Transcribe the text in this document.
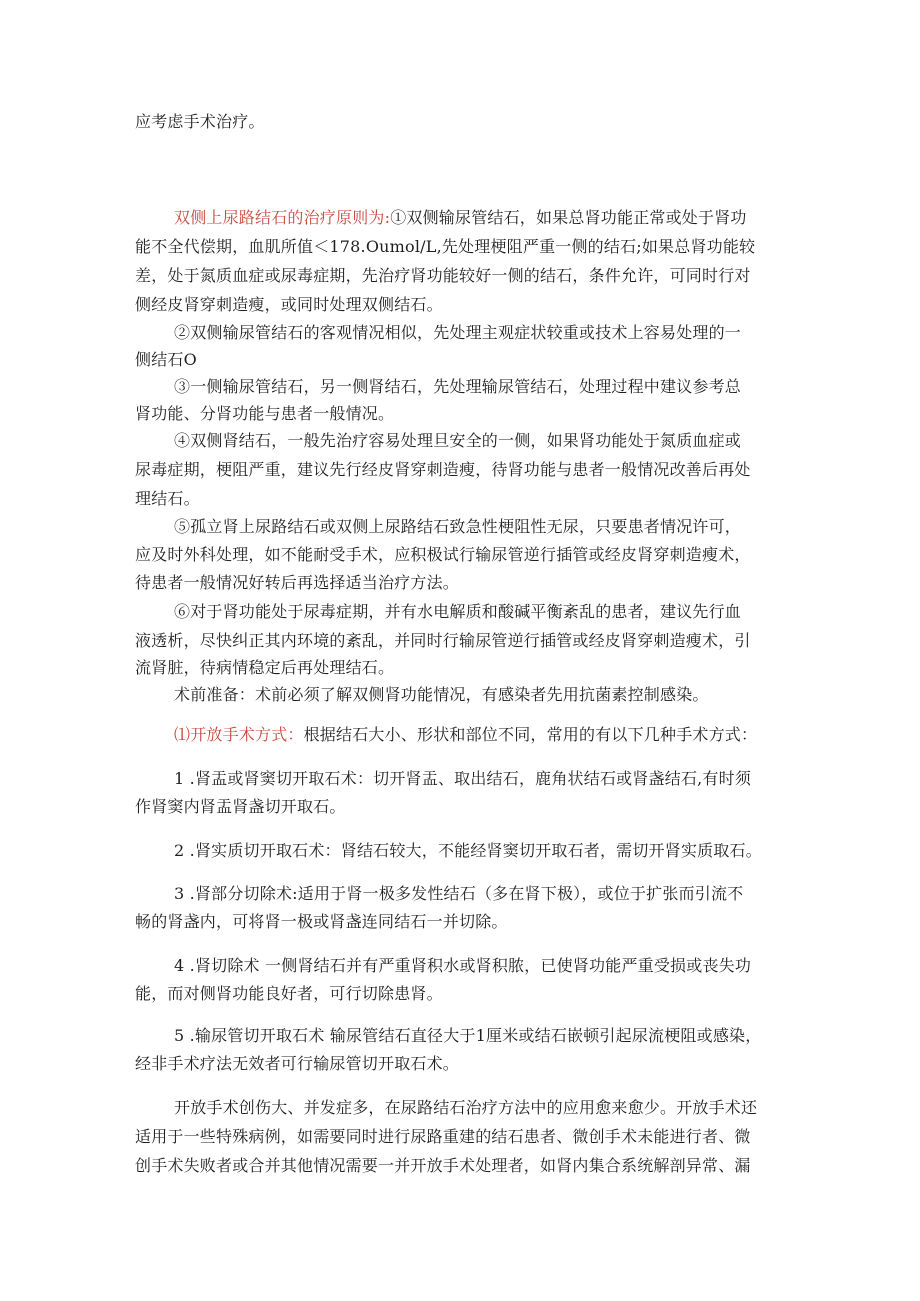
应考虑手术治疗。
双侧上尿路结石的治疗原则为:①双侧输尿管结石，如果总肾功能正常或处于肾功
能不全代偿期，血肌所值＜178.Oumol/L,先处理梗阻严重一侧的结石;如果总肾功能较
差，处于氮质血症或尿毒症期，先治疗肾功能较好一侧的结石，条件允许，可同时行对
侧经皮肾穿刺造瘦，或同时处理双侧结石。
②双侧输尿管结石的客观情况相似，先处理主观症状较重或技术上容易处理的一
侧结石O
③一侧输尿管结石，另一侧肾结石，先处理输尿管结石，处理过程中建议参考总
肾功能、分肾功能与患者一般情况。
④双侧肾结石，一般先治疗容易处理旦安全的一侧，如果肾功能处于氮质血症或
尿毒症期，梗阻严重，建议先行经皮肾穿刺造瘦，待肾功能与患者一般情况改善后再处
理结石。
⑤孤立肾上尿路结石或双侧上尿路结石致急性梗阻性无尿，只要患者情况许可，
应及时外科处理，如不能耐受手术，应积极试行输尿管逆行插管或经皮肾穿刺造瘦术，
待患者一般情况好转后再选择适当治疗方法。
⑥对于肾功能处于尿毒症期，并有水电解质和酸碱平衡紊乱的患者，建议先行血
液透析，尽快纠正其内环境的紊乱，并同时行输尿管逆行插管或经皮肾穿刺造瘦术，引
流肾脏，待病情稳定后再处理结石。
术前准备：术前必须了解双侧肾功能情况，有感染者先用抗菌素控制感染。
⑴开放手术方式：根据结石大小、形状和部位不同，常用的有以下几种手术方式：
1 .肾盂或肾窦切开取石术：切开肾盂、取出结石，鹿角状结石或肾盏结石,有时须
作肾窦内肾盂肾盏切开取石。
2 .肾实质切开取石术：肾结石较大，不能经肾窦切开取石者，需切开肾实质取石。
3 .肾部分切除术:适用于肾一极多发性结石（多在肾下极），或位于扩张而引流不
畅的肾盏内，可将肾一极或肾盏连同结石一并切除。
4 .肾切除术 一侧肾结石并有严重肾积水或肾积脓，已使肾功能严重受损或丧失功
能，而对侧肾功能良好者，可行切除患肾。
5 .输尿管切开取石术 输尿管结石直径大于1厘米或结石嵌顿引起尿流梗阻或感染，
经非手术疗法无效者可行输尿管切开取石术。
开放手术创伤大、并发症多，在尿路结石治疗方法中的应用愈来愈少。开放手术还
适用于一些特殊病例，如需要同时进行尿路重建的结石患者、微创手术未能进行者、微
创手术失败者或合并其他情况需要一并开放手术处理者，如肾内集合系统解剖异常、漏
